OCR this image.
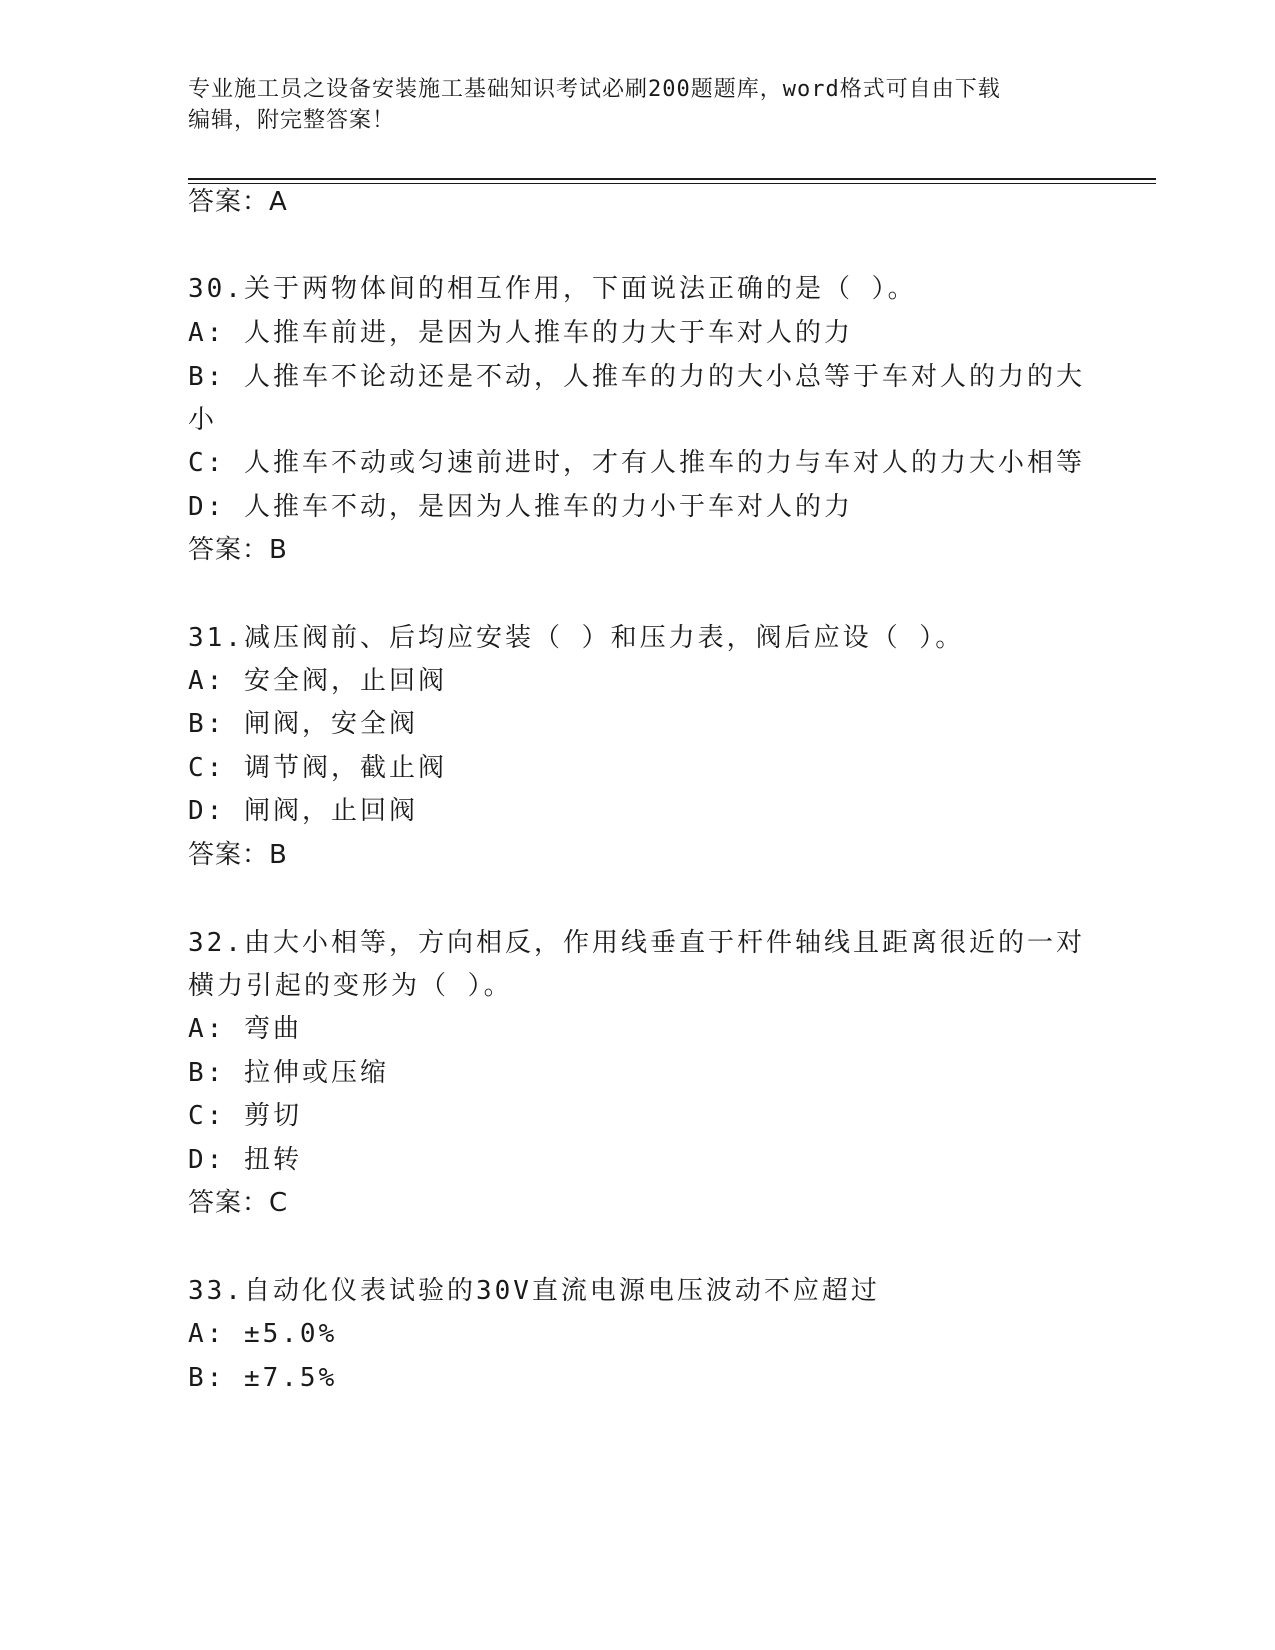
专业施工员之设备安装施工基础知识考试必刷200题题库，word格式可自由下载
编辑，附完整答案！
答案：A
30.关于两物体间的相互作用，下面说法正确的是（ ）。
A: 人推车前进，是因为人推车的力大于车对人的力
B: 人推车不论动还是不动，人推车的力的大小总等于车对人的力的大
小
C: 人推车不动或匀速前进时，才有人推车的力与车对人的力大小相等
D: 人推车不动，是因为人推车的力小于车对人的力
答案：B
31.减压阀前、后均应安装（ ）和压力表，阀后应设（ ）。
A: 安全阀，止回阀
B: 闸阀，安全阀
C: 调节阀，截止阀
D: 闸阀，止回阀
答案：B
32.由大小相等，方向相反，作用线垂直于杆件轴线且距离很近的一对
横力引起的变形为（ ）。
A: 弯曲
B: 拉伸或压缩
C: 剪切
D: 扭转
答案：C
33.自动化仪表试验的30V直流电源电压波动不应超过
A: ±5.0%
B: ±7.5%
